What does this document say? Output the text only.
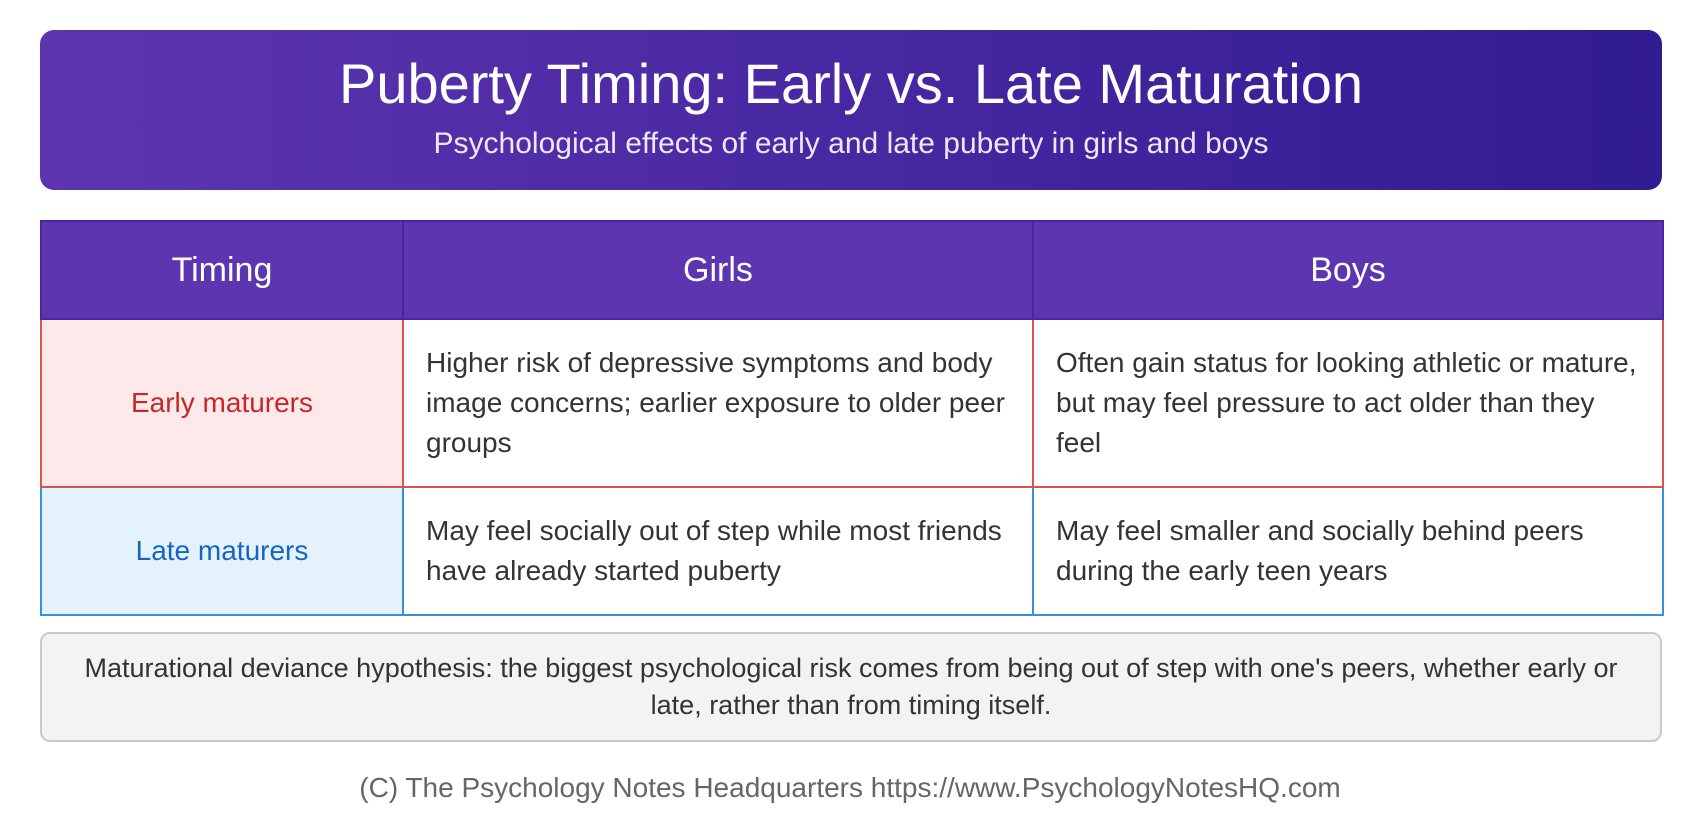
Puberty Timing: Early vs. Late Maturation
Psychological effects of early and late puberty in girls and boys
Timing	Girls	Boys
Early maturers	Higher risk of depressive symptoms and body image concerns; earlier exposure to older peer groups	Often gain status for looking athletic or mature, but may feel pressure to act older than they feel
Late maturers	May feel socially out of step while most friends have already started puberty	May feel smaller and socially behind peers during the early teen years
Maturational deviance hypothesis: the biggest psychological risk comes from being out of step with one's peers, whether early or late, rather than from timing itself.
(C) The Psychology Notes Headquarters https://www.PsychologyNotesHQ.com
